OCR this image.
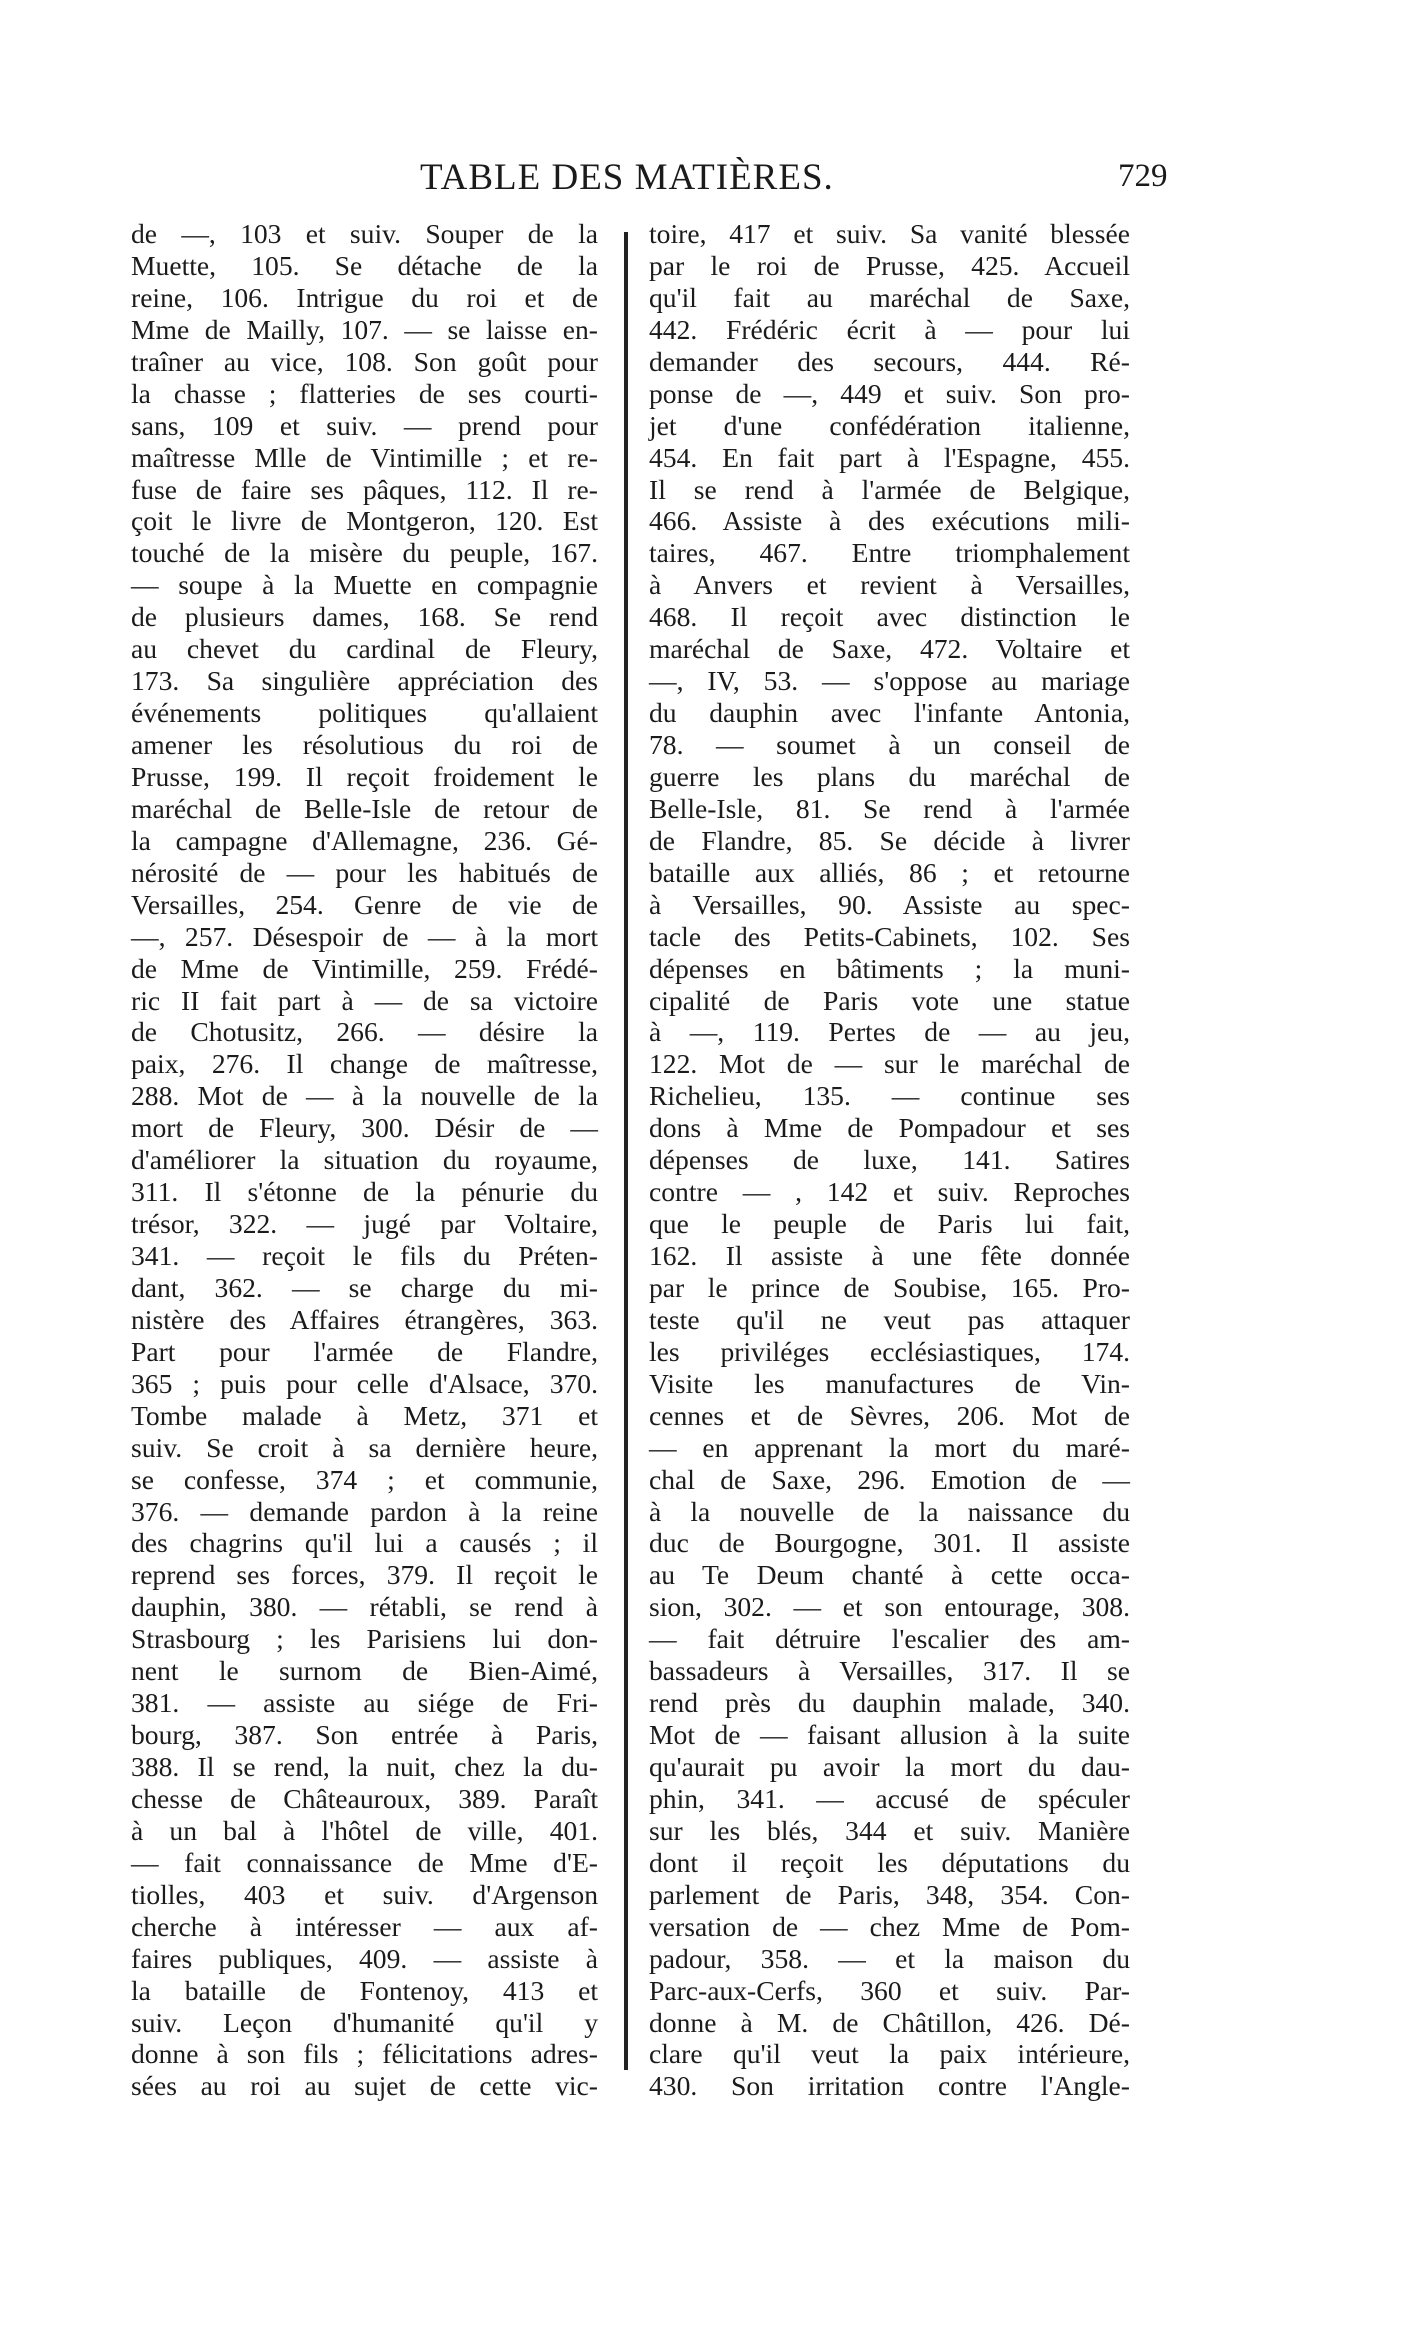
TABLE DES MATIÈRES.	729
de —, 103 et suiv. Souper de la
Muette, 105. Se détache de la
reine, 106. Intrigue du roi et de
Mme de Mailly, 107. — se laisse en-
traîner au vice, 108. Son goût pour
la chasse ; flatteries de ses courti-
sans, 109 et suiv. — prend pour
maîtresse Mlle de Vintimille ; et re-
fuse de faire ses pâques, 112. Il re-
çoit le livre de Montgeron, 120. Est
touché de la misère du peuple, 167.
— soupe à la Muette en compagnie
de plusieurs dames, 168. Se rend
au chevet du cardinal de Fleury,
173. Sa singulière appréciation des
événements politiques qu'allaient
amener les résolutious du roi de
Prusse, 199. Il reçoit froidement le
maréchal de Belle-Isle de retour de
la campagne d'Allemagne, 236. Gé-
nérosité de — pour les habitués de
Versailles, 254. Genre de vie de
—, 257. Désespoir de — à la mort
de Mme de Vintimille, 259. Frédé-
ric II fait part à — de sa victoire
de Chotusitz, 266. — désire la
paix, 276. Il change de maîtresse,
288. Mot de — à la nouvelle de la
mort de Fleury, 300. Désir de —
d'améliorer la situation du royaume,
311. Il s'étonne de la pénurie du
trésor, 322. — jugé par Voltaire,
341. — reçoit le fils du Préten-
dant, 362. — se charge du mi-
nistère des Affaires étrangères, 363.
Part pour l'armée de Flandre,
365 ; puis pour celle d'Alsace, 370.
Tombe malade à Metz, 371 et
suiv. Se croit à sa dernière heure,
se confesse, 374 ; et communie,
376. — demande pardon à la reine
des chagrins qu'il lui a causés ; il
reprend ses forces, 379. Il reçoit le
dauphin, 380. — rétabli, se rend à
Strasbourg ; les Parisiens lui don-
nent le surnom de Bien-Aimé,
381. — assiste au siége de Fri-
bourg, 387. Son entrée à Paris,
388. Il se rend, la nuit, chez la du-
chesse de Châteauroux, 389. Paraît
à un bal à l'hôtel de ville, 401.
— fait connaissance de Mme d'E-
tiolles, 403 et suiv. d'Argenson
cherche à intéresser — aux af-
faires publiques, 409. — assiste à
la bataille de Fontenoy, 413 et
suiv. Leçon d'humanité qu'il y
donne à son fils ; félicitations adres-
sées au roi au sujet de cette vic-
toire, 417 et suiv. Sa vanité blessée
par le roi de Prusse, 425. Accueil
qu'il fait au maréchal de Saxe,
442. Frédéric écrit à — pour lui
demander des secours, 444. Ré-
ponse de —, 449 et suiv. Son pro-
jet d'une confédération italienne,
454. En fait part à l'Espagne, 455.
Il se rend à l'armée de Belgique,
466. Assiste à des exécutions mili-
taires, 467. Entre triomphalement
à Anvers et revient à Versailles,
468. Il reçoit avec distinction le
maréchal de Saxe, 472. Voltaire et
—, IV, 53. — s'oppose au mariage
du dauphin avec l'infante Antonia,
78. — soumet à un conseil de
guerre les plans du maréchal de
Belle-Isle, 81. Se rend à l'armée
de Flandre, 85. Se décide à livrer
bataille aux alliés, 86 ; et retourne
à Versailles, 90. Assiste au spec-
tacle des Petits-Cabinets, 102. Ses
dépenses en bâtiments ; la muni-
cipalité de Paris vote une statue
à —, 119. Pertes de — au jeu,
122. Mot de — sur le maréchal de
Richelieu, 135. — continue ses
dons à Mme de Pompadour et ses
dépenses de luxe, 141. Satires
contre — , 142 et suiv. Reproches
que le peuple de Paris lui fait,
162. Il assiste à une fête donnée
par le prince de Soubise, 165. Pro-
teste qu'il ne veut pas attaquer
les priviléges ecclésiastiques, 174.
Visite les manufactures de Vin-
cennes et de Sèvres, 206. Mot de
— en apprenant la mort du maré-
chal de Saxe, 296. Emotion de —
à la nouvelle de la naissance du
duc de Bourgogne, 301. Il assiste
au Te Deum chanté à cette occa-
sion, 302. — et son entourage, 308.
— fait détruire l'escalier des am-
bassadeurs à Versailles, 317. Il se
rend près du dauphin malade, 340.
Mot de — faisant allusion à la suite
qu'aurait pu avoir la mort du dau-
phin, 341. — accusé de spéculer
sur les blés, 344 et suiv. Manière
dont il reçoit les députations du
parlement de Paris, 348, 354. Con-
versation de — chez Mme de Pom-
padour, 358. — et la maison du
Parc-aux-Cerfs, 360 et suiv. Par-
donne à M. de Châtillon, 426. Dé-
clare qu'il veut la paix intérieure,
430. Son irritation contre l'Angle-
